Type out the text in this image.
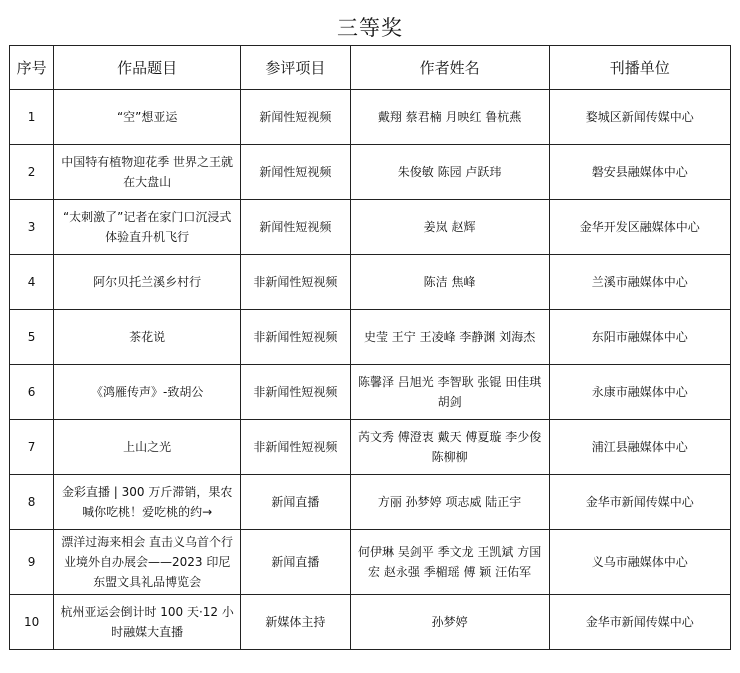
三等奖
序号	作品题目	参评项目	作者姓名	刊播单位
1	“空”想亚运	新闻性短视频	戴翔 蔡君楠 月映红 鲁杭燕	婺城区新闻传媒中心
2	中国特有植物迎花季 世界之王就在大盘山	新闻性短视频	朱俊敏 陈园 卢跃玮	磐安县融媒体中心
3	“太刺激了”记者在家门口沉浸式体验直升机飞行	新闻性短视频	姜岚 赵辉	金华开发区融媒体中心
4	阿尔贝托兰溪乡村行	非新闻性短视频	陈洁 焦峰	兰溪市融媒体中心
5	茶花说	非新闻性短视频	史莹 王宁 王凌峰 李静渊 刘海杰	东阳市融媒体中心
6	《鸿雁传声》-致胡公	非新闻性短视频	陈馨泽 吕旭光 李智耿 张锟 田佳琪 胡剑	永康市融媒体中心
7	上山之光	非新闻性短视频	芮文秀 傅澄衷 戴天 傅夏璇 李少俊 陈柳柳	浦江县融媒体中心
8	金彩直播 | 300 万斤滞销，果农喊你吃桃！爱吃桃的约→	新闻直播	方丽 孙梦婷 项志威 陆正宇	金华市新闻传媒中心
9	漂洋过海来相会 直击义乌首个行业境外自办展会——2023 印尼东盟文具礼品博览会	新闻直播	何伊琳 吴剑平 季文龙 王凯斌 方国宏 赵永强 季楣瑶 傅 颖 汪佑军	义乌市融媒体中心
10	杭州亚运会倒计时 100 天·12 小时融媒大直播	新媒体主持	孙梦婷	金华市新闻传媒中心
